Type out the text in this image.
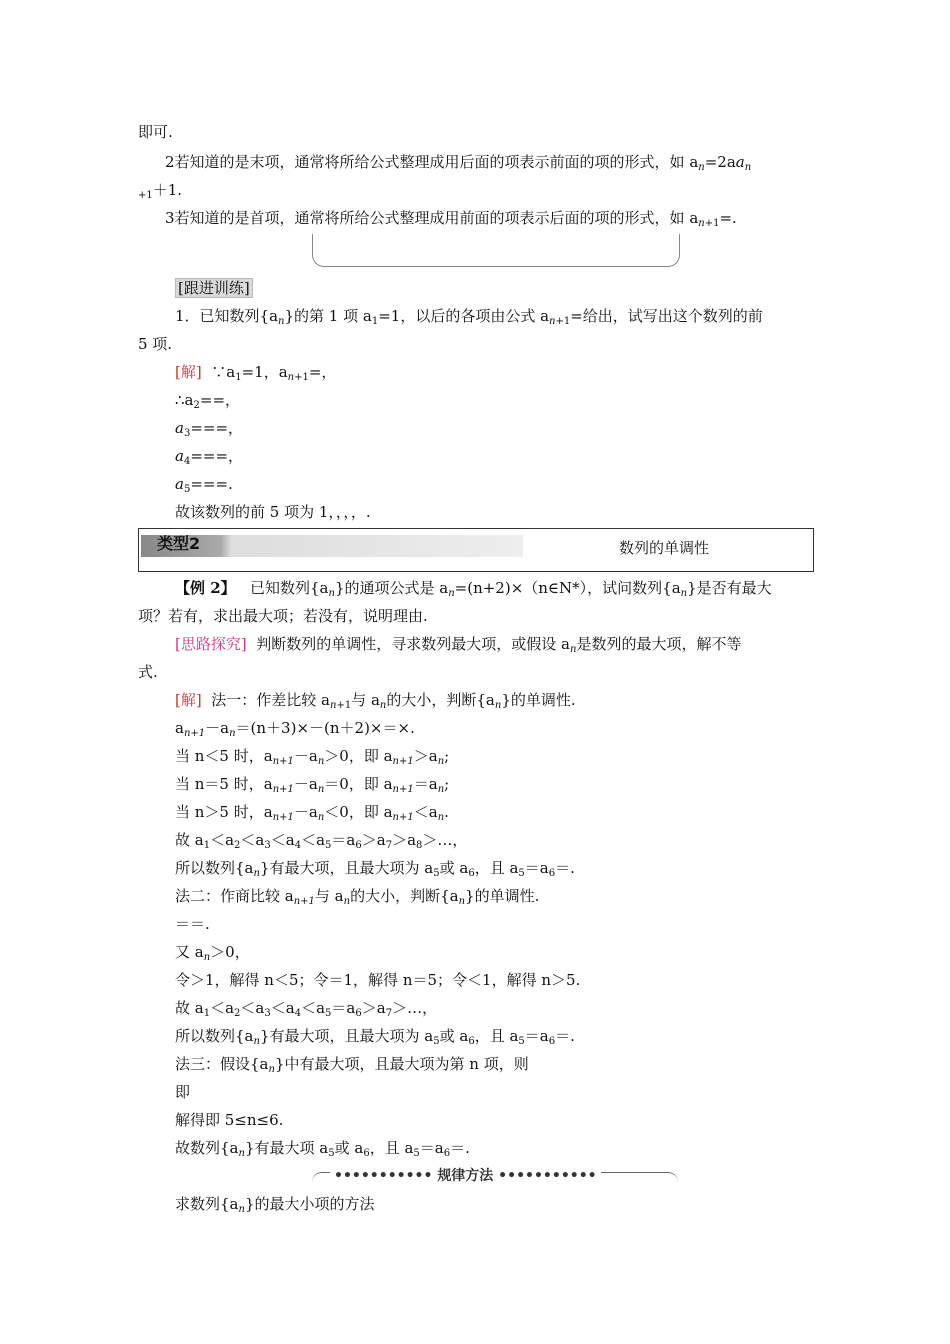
即可.
2若知道的是末项，通常将所给公式整理成用后面的项表示前面的项的形式，如 $a_n=2aa_n$
$_{+1}$＋1.
3若知道的是首项，通常将所给公式整理成用前面的项表示后面的项的形式，如 $a_{n+1}=$.
[跟进训练]
1．已知数列$\{a_n\}$的第 1 项 $a_1=1$，以后的各项由公式 $a_{n+1}=$给出，试写出这个数列的前
5 项.
[解] $\because a_1=1$，$a_{n+1}=$，
$\therefore a_2==$，
$a_3===$，
$a_4===$，
$a_5===$.
故该数列的前 5 项为 1，，，，.
类型2	数列的单调性
【例 2】 已知数列$\{a_n\}$的通项公式是 $a_n=(n+2)\times(n\in N*)$，试问数列$\{a_n\}$是否有最大
项？若有，求出最大项；若没有，说明理由.
[思路探究] 判断数列的单调性，寻求数列最大项，或假设 $a_n$是数列的最大项，解不等
式.
[解] 法一：作差比较 $a_{n+1}$与 $a_n$的大小，判断$\{a_n\}$的单调性.
$a_{n+1}-a_n=(n+3)\times-(n+2)\times=\times$.
当 n＜5 时，$a_{n+1}-a_n>0$，即 $a_{n+1}>a_n$;
当 n＝5 时，$a_{n+1}-a_n=0$，即 $a_{n+1}=a_n$;
当 n＞5 时，$a_{n+1}-a_n<0$，即 $a_{n+1}<a_n$.
故 $a_1<a_2<a_3<a_4<a_5=a_6>a_7>a_8>\dots$，
所以数列$\{a_n\}$有最大项，且最大项为 $a_5$或 $a_6$，且 $a_5=a_6=$.
法二：作商比较 $a_{n+1}$与 $a_n$的大小，判断$\{a_n\}$的单调性.
＝＝.
又 $a_n>0$，
令＞1，解得 n＜5；令＝1，解得 n＝5；令＜1，解得 n＞5.
故 $a_1<a_2<a_3<a_4<a_5=a_6>a_7>\dots$，
所以数列$\{a_n\}$有最大项，且最大项为 $a_5$或 $a_6$，且 $a_5=a_6=$.
法三：假设$\{a_n\}$中有最大项，且最大项为第 n 项，则
即
解得即 5≤n≤6.
故数列$\{a_n\}$有最大项 $a_5$或 $a_6$，且 $a_5=a_6=$.
••••••••••• 规律方法 •••••••••••
求数列$\{a_n\}$的最大小项的方法
